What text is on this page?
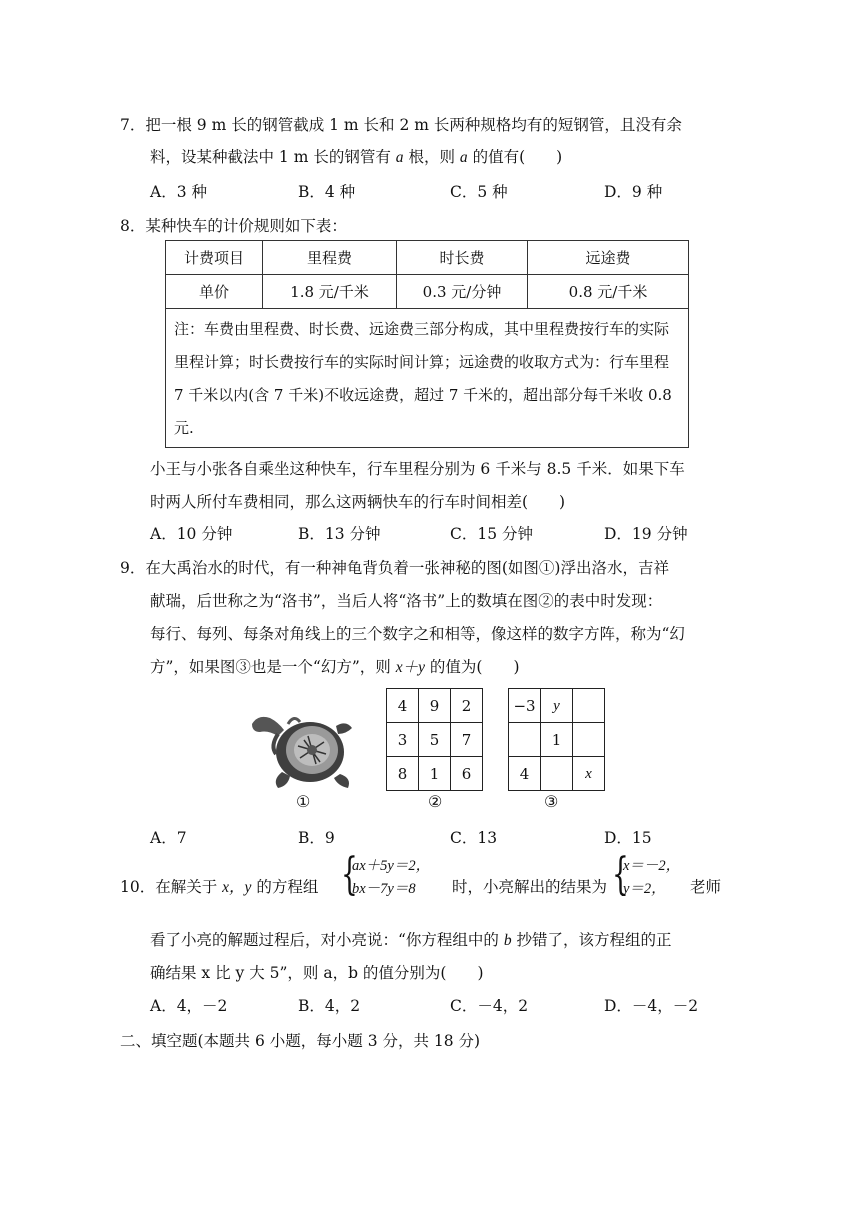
7．把一根 9 m 长的钢管截成 1 m 长和 2 m 长两种规格均有的短钢管，且没有余
料，设某种截法中 1 m 长的钢管有 a 根，则 a 的值有(　　)
A．3 种	B．4 种	C．5 种	D．9 种
8．某种快车的计价规则如下表：
计费项目	里程费	时长费	远途费
单价	1.8 元/千米	0.3 元/分钟	0.8 元/千米
注：车费由里程费、时长费、远途费三部分构成，其中里程费按行车的实际里程计算；时长费按行车的实际时间计算；远途费的收取方式为：行车里程 7 千米以内(含 7 千米)不收远途费，超过 7 千米的，超出部分每千米收 0.8 元.			
小王与小张各自乘坐这种快车，行车里程分别为 6 千米与 8.5 千米．如果下车
时两人所付车费相同，那么这两辆快车的行车时间相差(　　)
A．10 分钟	B．13 分钟	C．15 分钟	D．19 分钟
9．在大禹治水的时代，有一种神龟背负着一张神秘的图(如图①)浮出洛水，吉祥
献瑞，后世称之为“洛书”，当后人将“洛书”上的数填在图②的表中时发现：
每行、每列、每条对角线上的三个数字之和相等，像这样的数字方阵，称为“幻
方”，如果图③也是一个“幻方”，则 x＋y 的值为(　　)
①
4	9	2
3	5	7
8	1	6
②
−3	y	
	1	
4		x
③
A．7	B．9	C．13	D．15
10．在解关于 x，y 的方程组 {
ax＋5y＝2，
bx－7y＝8 时，小亮解出的结果为 {
x＝－2，
y＝2， 老师
看了小亮的解题过程后，对小亮说：“你方程组中的 b 抄错了，该方程组的正
确结果 x 比 y 大 5”，则 a，b 的值分别为(　　)
A．4，－2	B．4，2	C．－4，2	D．－4，－2
二、填空题(本题共 6 小题，每小题 3 分，共 18 分)
